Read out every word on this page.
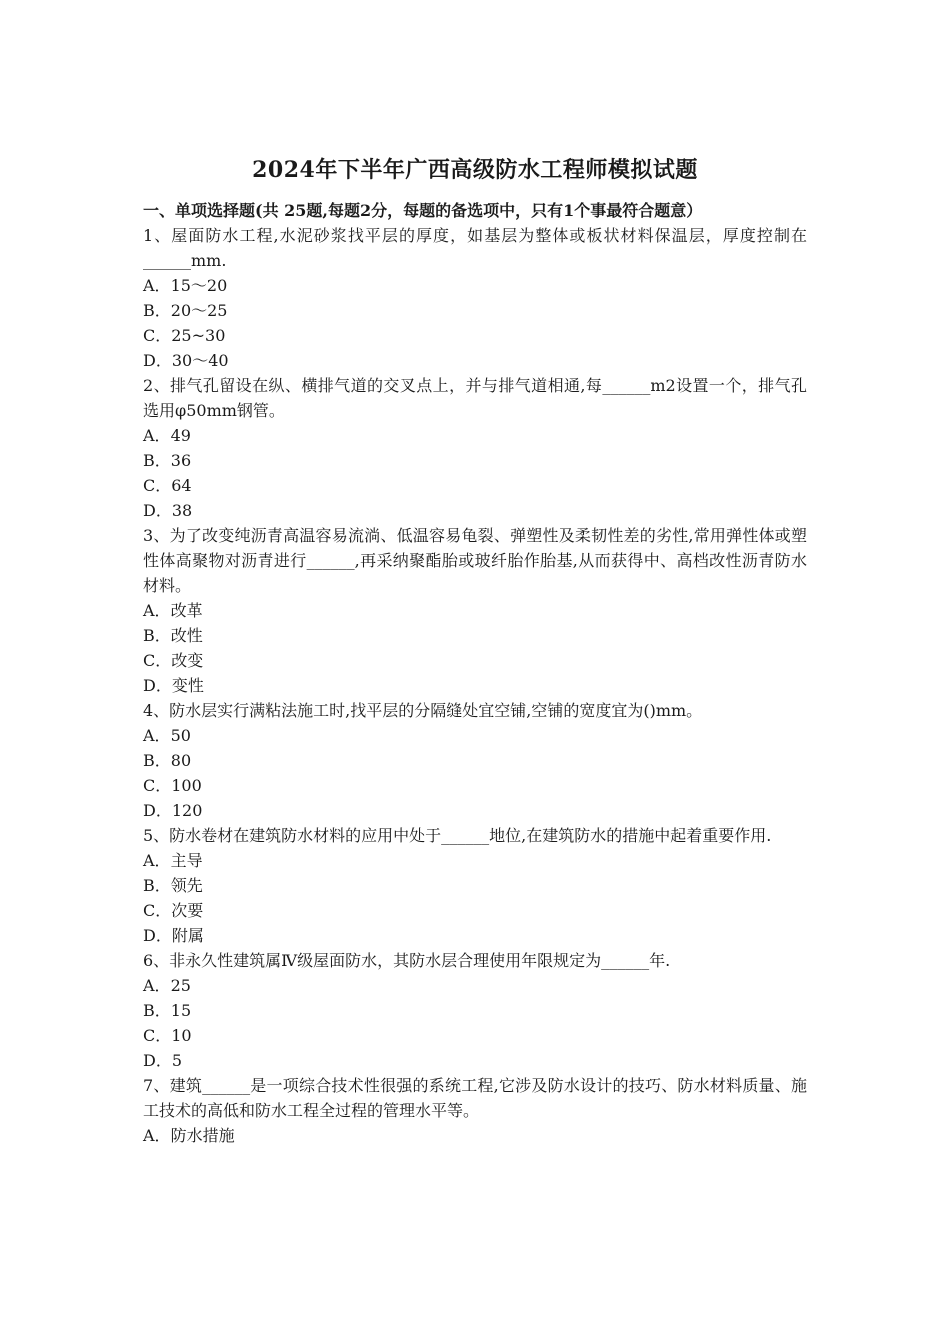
2024年下半年广西高级防水工程师模拟试题

一、单项选择题(共 25题,每题2分，每题的备选项中，只有1个事最符合题意）

1、屋面防水工程,水泥砂浆找平层的厚度，如基层为整体或板状材料保温层，厚度控制在______mm.

A．15～20
B．20～25
C．25~30
D．30～40

2、排气孔留设在纵、横排气道的交叉点上，并与排气道相通,每______m2设置一个，排气孔选用φ50mm钢管。

A．49
B．36
C．64
D．38

3、为了改变纯沥青高温容易流淌、低温容易龟裂、弹塑性及柔韧性差的劣性,常用弹性体或塑性体高聚物对沥青进行______,再采纳聚酯胎或玻纤胎作胎基,从而获得中、高档改性沥青防水材料。

A．改革
B．改性
C．改变
D．变性

4、防水层实行满粘法施工时,找平层的分隔缝处宜空铺,空铺的宽度宜为()mm。

A．50
B．80
C．100
D．120

5、防水卷材在建筑防水材料的应用中处于______地位,在建筑防水的措施中起着重要作用.

A．主导
B．领先
C．次要
D．附属

6、非永久性建筑属Ⅳ级屋面防水，其防水层合理使用年限规定为______年.

A．25
B．15
C．10
D．5

7、建筑______是一项综合技术性很强的系统工程,它涉及防水设计的技巧、防水材料质量、施工技术的高低和防水工程全过程的管理水平等。

A．防水措施
